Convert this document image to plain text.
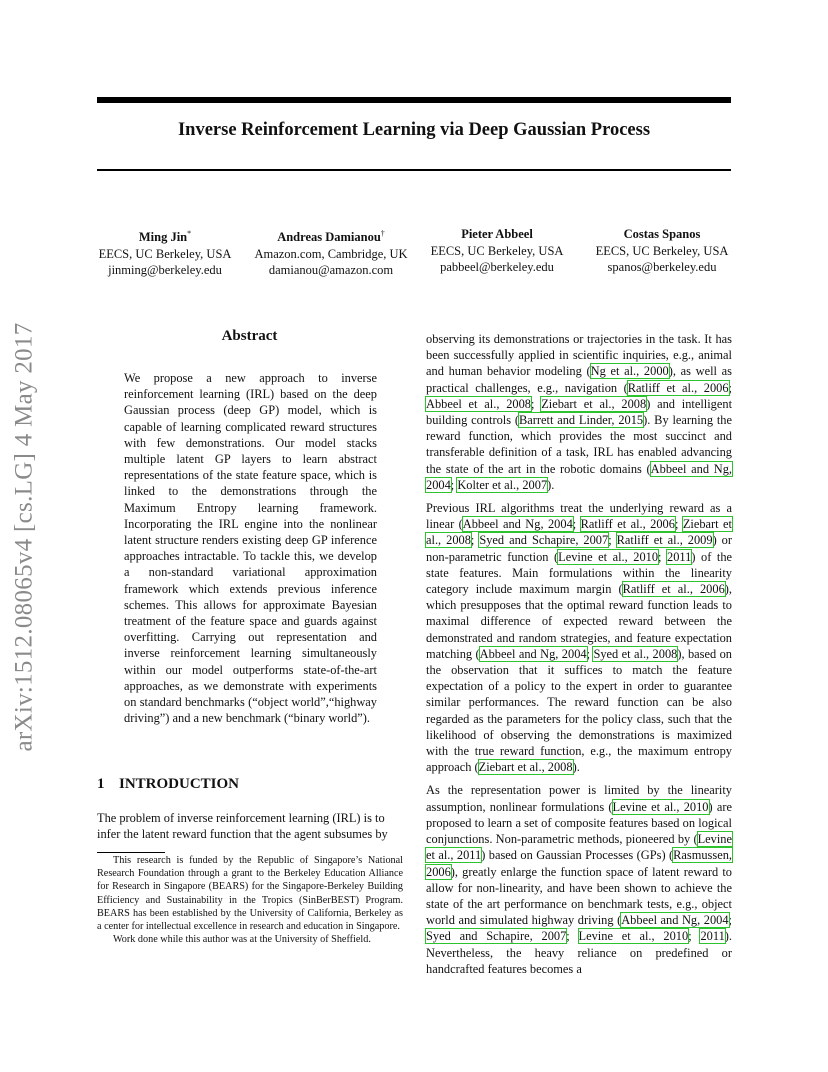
arXiv:1512.08065v4 [cs.LG] 4 May 2017
Inverse Reinforcement Learning via Deep Gaussian Process
Ming Jin*
EECS, UC Berkeley, USA
jinming@berkeley.edu
Andreas Damianou†
Amazon.com, Cambridge, UK
damianou@amazon.com
Pieter Abbeel
EECS, UC Berkeley, USA
pabbeel@berkeley.edu
Costas Spanos
EECS, UC Berkeley, USA
spanos@berkeley.edu
Abstract
We propose a new approach to inverse reinforcement learning (IRL) based on the deep Gaussian process (deep GP) model, which is capable of learning complicated reward structures with few demonstrations. Our model stacks multiple latent GP layers to learn abstract representations of the state feature space, which is linked to the demonstrations through the Maximum Entropy learning framework. Incorporating the IRL engine into the nonlinear latent structure renders existing deep GP inference approaches intractable. To tackle this, we develop a non-standard variational approximation framework which extends previous inference schemes. This allows for approximate Bayesian treatment of the feature space and guards against overfitting. Carrying out representation and inverse reinforcement learning simultaneously within our model outperforms state-of-the-art approaches, as we demonstrate with experiments on standard benchmarks (“object world”,“highway driving”) and a new benchmark (“binary world”).
1 INTRODUCTION
The problem of inverse reinforcement learning (IRL) is to
infer the latent reward function that the agent subsumes by

This research is funded by the Republic of Singapore’s National Research Foundation through a grant to the Berkeley Education Alliance for Research in Singapore (BEARS) for the Singapore-Berkeley Building Efficiency and Sustainability in the Tropics (SinBerBEST) Program. BEARS has been established by the University of California, Berkeley as a center for intellectual excellence in research and education in Singapore.

Work done while this author was at the University of Sheffield.

observing its demonstrations or trajectories in the task. It has been successfully applied in scientific inquiries, e.g., animal and human behavior modeling (Ng et al., 2000), as well as practical challenges, e.g., navigation (Ratliff et al., 2006; Abbeel et al., 2008; Ziebart et al., 2008) and intelligent building controls (Barrett and Linder, 2015). By learning the reward function, which provides the most succinct and transferable definition of a task, IRL has enabled advancing the state of the art in the robotic domains (Abbeel and Ng, 2004; Kolter et al., 2007).

Previous IRL algorithms treat the underlying reward as a linear (Abbeel and Ng, 2004; Ratliff et al., 2006; Ziebart et al., 2008; Syed and Schapire, 2007; Ratliff et al., 2009) or non-parametric function (Levine et al., 2010; 2011) of the state features. Main formulations within the linearity category include maximum margin (Ratliff et al., 2006), which presupposes that the optimal reward function leads to maximal difference of expected reward between the demonstrated and random strategies, and feature expectation matching (Abbeel and Ng, 2004; Syed et al., 2008), based on the observation that it suffices to match the feature expectation of a policy to the expert in order to guarantee similar performances. The reward function can be also regarded as the parameters for the policy class, such that the likelihood of observing the demonstrations is maximized with the true reward function, e.g., the maximum entropy approach (Ziebart et al., 2008).

As the representation power is limited by the linearity assumption, nonlinear formulations (Levine et al., 2010) are proposed to learn a set of composite features based on logical conjunctions. Non-parametric methods, pioneered by (Levine et al., 2011) based on Gaussian Processes (GPs) (Rasmussen, 2006), greatly enlarge the function space of latent reward to allow for non-linearity, and have been shown to achieve the state of the art performance on benchmark tests, e.g., object world and simulated highway driving (Abbeel and Ng, 2004; Syed and Schapire, 2007; Levine et al., 2010; 2011). Nevertheless, the heavy reliance on predefined or handcrafted features becomes a
